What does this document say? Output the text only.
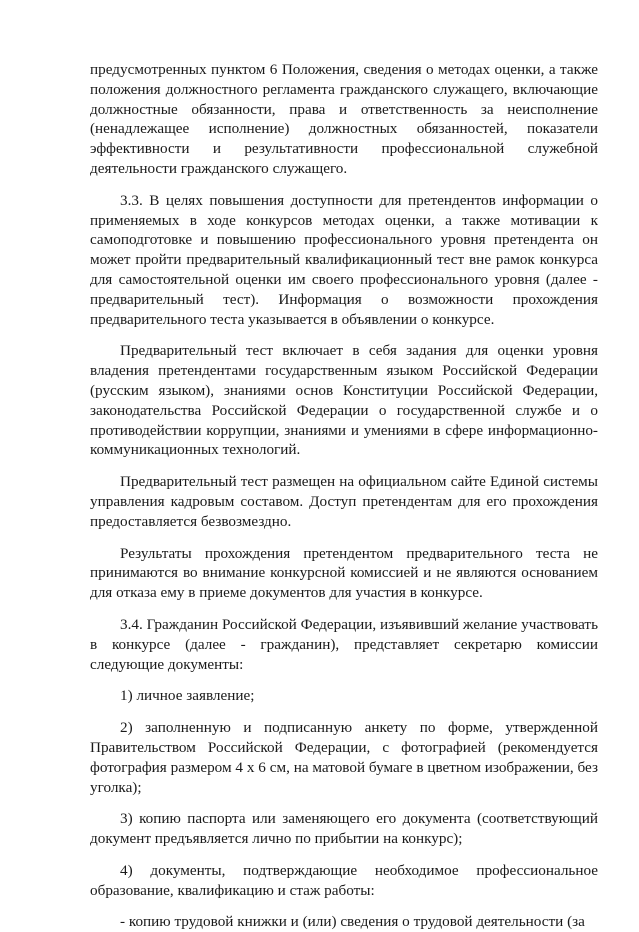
предусмотренных пунктом 6 Положения, сведения о методах оценки, а также положения должностного регламента гражданского служащего, включающие должностные обязанности, права и ответственность за неисполнение (ненадлежащее исполнение) должностных обязанностей, показатели эффективности и результативности профессиональной служебной деятельности гражданского служащего.

3.3. В целях повышения доступности для претендентов информации о применяемых в ходе конкурсов методах оценки, а также мотивации к самоподготовке и повышению профессионального уровня претендента он может пройти предварительный квалификационный тест вне рамок конкурса для самостоятельной оценки им своего профессионального уровня (далее - предварительный тест). Информация о возможности прохождения предварительного теста указывается в объявлении о конкурсе.

Предварительный тест включает в себя задания для оценки уровня владения претендентами государственным языком Российской Федерации (русским языком), знаниями основ Конституции Российской Федерации, законодательства Российской Федерации о государственной службе и о противодействии коррупции, знаниями и умениями в сфере информационно-коммуникационных технологий.

Предварительный тест размещен на официальном сайте Единой системы управления кадровым составом. Доступ претендентам для его прохождения предоставляется безвозмездно.

Результаты прохождения претендентом предварительного теста не принимаются во внимание конкурсной комиссией и не являются основанием для отказа ему в приеме документов для участия в конкурсе.

3.4. Гражданин Российской Федерации, изъявивший желание участвовать в конкурсе (далее - гражданин), представляет секретарю комиссии следующие документы:

1) личное заявление;

2) заполненную и подписанную анкету по форме, утвержденной Правительством Российской Федерации, с фотографией (рекомендуется фотография размером 4 х 6 см, на матовой бумаге в цветном изображении, без уголка);

3) копию паспорта или заменяющего его документа (соответствующий документ предъявляется лично по прибытии на конкурс);

4) документы, подтверждающие необходимое профессиональное образование, квалификацию и стаж работы:

- копию трудовой книжки и (или) сведения о трудовой деятельности (за
